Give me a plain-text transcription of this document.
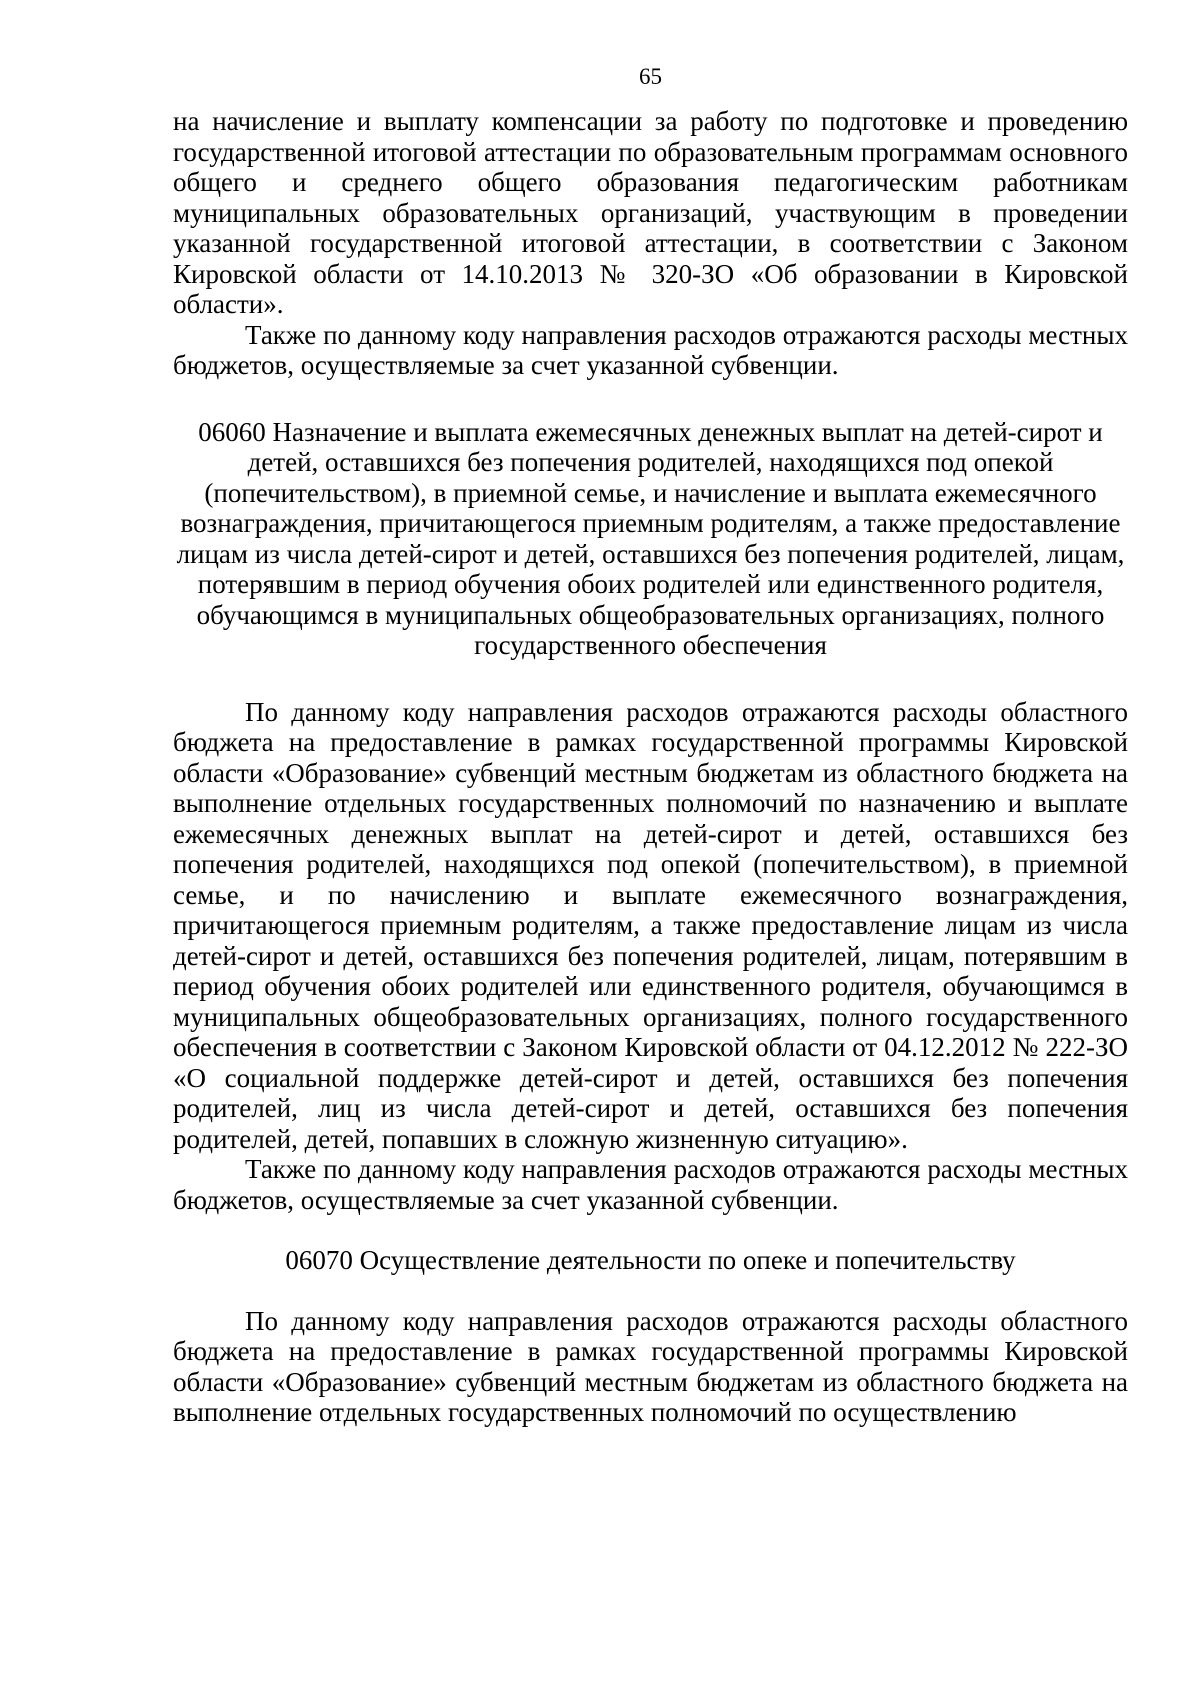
65

на начисление и выплату компенсации за работу по подготовке и проведению государственной итоговой аттестации по образовательным программам основного общего и среднего общего образования педагогическим работникам муниципальных образовательных организаций, участвующим в проведении указанной государственной итоговой аттестации, в соответствии с Законом Кировской области от 14.10.2013 № 320-ЗО «Об образовании в Кировской области».

Также по данному коду направления расходов отражаются расходы местных бюджетов, осуществляемые за счет указанной субвенции.

06060 Назначение и выплата ежемесячных денежных выплат на детей-сирот и детей, оставшихся без попечения родителей, находящихся под опекой (попечительством), в приемной семье, и начисление и выплата ежемесячного вознаграждения, причитающегося приемным родителям, а также предоставление лицам из числа детей-сирот и детей, оставшихся без попечения родителей, лицам, потерявшим в период обучения обоих родителей или единственного родителя, обучающимся в муниципальных общеобразовательных организациях, полного государственного обеспечения

По данному коду направления расходов отражаются расходы областного бюджета на предоставление в рамках государственной программы Кировской области «Образование» субвенций местным бюджетам из областного бюджета на выполнение отдельных государственных полномочий по назначению и выплате ежемесячных денежных выплат на детей-сирот и детей, оставшихся без попечения родителей, находящихся под опекой (попечительством), в приемной семье, и по начислению и выплате ежемесячного вознаграждения, причитающегося приемным родителям, а также предоставление лицам из числа детей-сирот и детей, оставшихся без попечения родителей, лицам, потерявшим в период обучения обоих родителей или единственного родителя, обучающимся в муниципальных общеобразовательных организациях, полного государственного обеспечения в соответствии с Законом Кировской области от 04.12.2012 № 222-ЗО «О социальной поддержке детей-сирот и детей, оставшихся без попечения родителей, лиц из числа детей-сирот и детей, оставшихся без попечения родителей, детей, попавших в сложную жизненную ситуацию».

Также по данному коду направления расходов отражаются расходы местных бюджетов, осуществляемые за счет указанной субвенции.

06070 Осуществление деятельности по опеке и попечительству

По данному коду направления расходов отражаются расходы областного бюджета на предоставление в рамках государственной программы Кировской области «Образование» субвенций местным бюджетам из областного бюджета на выполнение отдельных государственных полномочий по осуществлению
